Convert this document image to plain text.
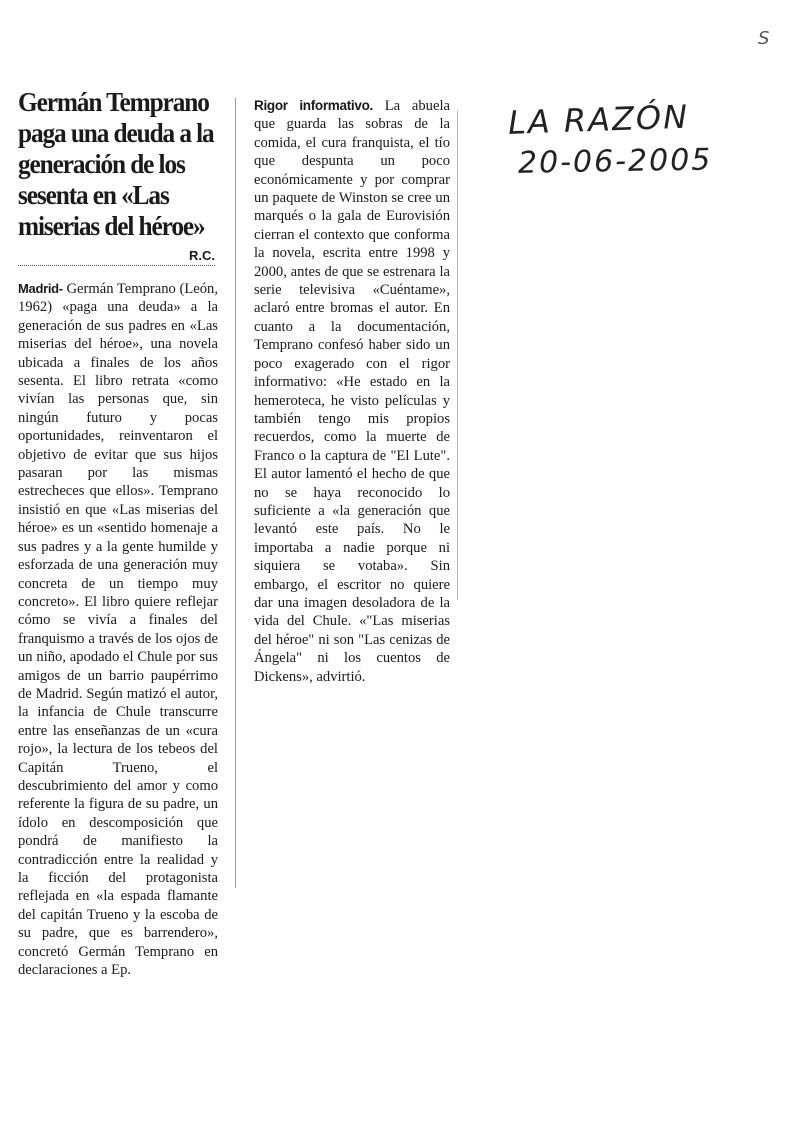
S
LA RAZÓN
20-06-2005
Germán Temprano paga una deuda a la generación de los sesenta en «Las miserias del héroe»
R.C.
Madrid- Germán Temprano (León, 1962) «paga una deuda» a la generación de sus padres en «Las miserias del héroe», una novela ubicada a finales de los años sesenta. El libro retrata «como vivían las personas que, sin ningún futuro y pocas oportunidades, reinventaron el objetivo de evitar que sus hijos pasaran por las mismas estrecheces que ellos». Temprano insistió en que «Las miserias del héroe» es un «sentido homenaje a sus padres y a la gente humilde y esforzada de una generación muy concreta de un tiempo muy concreto». El libro quiere reflejar cómo se vivía a finales del franquismo a través de los ojos de un niño, apodado el Chule por sus amigos de un barrio paupérrimo de Madrid. Según matizó el autor, la infancia de Chule transcurre entre las enseñanzas de un «cura rojo», la lectura de los tebeos del Capitán Trueno, el descubrimiento del amor y como referente la figura de su padre, un ídolo en descomposición que pondrá de manifiesto la contradicción entre la realidad y la ficción del protagonista reflejada en «la espada flamante del capitán Trueno y la escoba de su padre, que es barrendero», concretó Germán Temprano en declaraciones a Ep.
Rigor informativo. La abuela que guarda las sobras de la comida, el cura franquista, el tío que despunta un poco económicamente y por comprar un paquete de Winston se cree un marqués o la gala de Eurovisión cierran el contexto que conforma la novela, escrita entre 1998 y 2000, antes de que se estrenara la serie televisiva «Cuéntame», aclaró entre bromas el autor. En cuanto a la documentación, Temprano confesó haber sido un poco exagerado con el rigor informativo: «He estado en la hemeroteca, he visto películas y también tengo mis propios recuerdos, como la muerte de Franco o la captura de "El Lute". El autor lamentó el hecho de que no se haya reconocido lo suficiente a «la generación que levantó este país. No le importaba a nadie porque ni siquiera se votaba». Sin embargo, el escritor no quiere dar una imagen desoladora de la vida del Chule. «"Las miserias del héroe" ni son "Las cenizas de Ángela" ni los cuentos de Dickens», advirtió.
